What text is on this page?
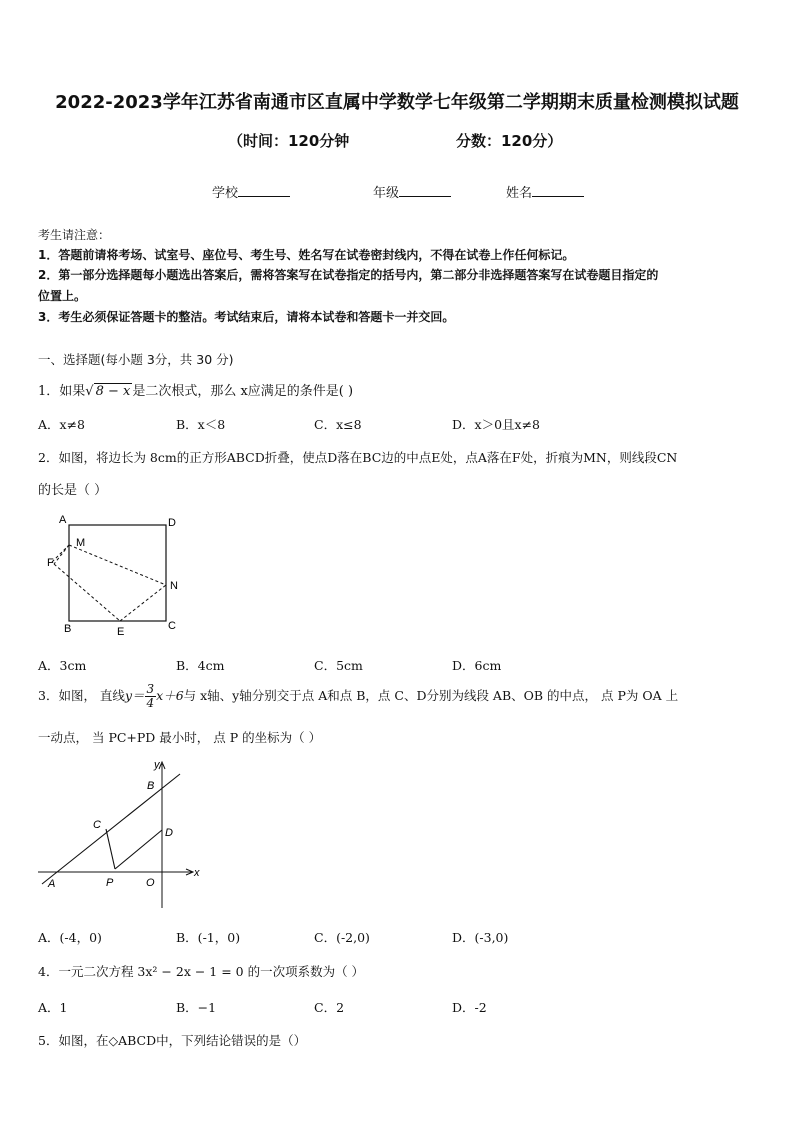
2022-2023学年江苏省南通市区直属中学数学七年级第二学期期末质量检测模拟试题
（时间：120分钟	分数：120分）
学校	年级	姓名
考生请注意：
1．答题前请将考场、试室号、座位号、考生号、姓名写在试卷密封线内，不得在试卷上作任何标记。
2．第一部分选择题每小题选出答案后，需将答案写在试卷指定的括号内，第二部分非选择题答案写在试卷题目指定的
位置上。
3．考生必须保证答题卡的整洁。考试结束后，请将本试卷和答题卡一并交回。
一、选择题(每小题 3分，共 30 分)
1．如果√ 8 − x 是二次根式，那么 x应满足的条件是( )
A．x≠8	B．x＜8	C．x≤8	D．x＞0且x≠8
2．如图，将边长为 8cm的正方形ABCD折叠，使点D落在BC边的中点E处，点A落在F处，折痕为MN，则线段CN
的长是（ ）
A	D
M
F
N
B	E	C
A．3cm	B．4cm	C．5cm	D．6cm
3．如图， 直线$y= \frac{3}{4} x+6$与 x轴、y轴分别交于点 A和点 B，点 C、D分别为线段 AB、OB 的中点， 点 P为 OA 上
一动点， 当 PC+PD 最小时， 点 P 的坐标为（ ）
y
x
B
C
D
A	P	O
A．(-4，0)	B．(-1，0)	C．(-2,0)	D．(-3,0)
4．一元二次方程 3x² − 2x − 1 = 0 的一次项系数为（ ）
A．1	B．−1	C．2	D．-2
5．如图，在◇ABCD中，下列结论错误的是（）
